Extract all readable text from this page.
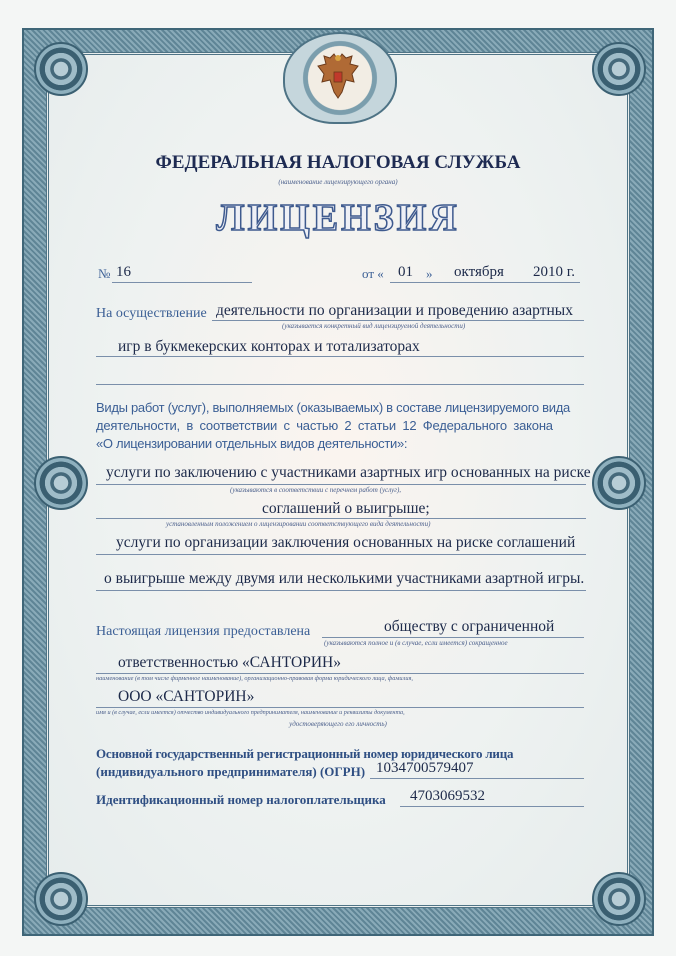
ФЕДЕРАЛЬНАЯ НАЛОГОВАЯ СЛУЖБА
(наименование лицензирующего органа)
ЛИЦЕНЗИЯ
№ 16	от « 01 » октября 2010 г.
На осуществление деятельности по организации и проведению азартных
(указывается конкретный вид лицензируемой деятельности)
игр в букмекерских конторах и тотализаторах
Виды работ (услуг), выполняемых (оказываемых) в составе лицензируемого вида
деятельности, в соответствии с частью 2 статьи 12 Федерального закона
«О лицензировании отдельных видов деятельности»:
услуги по заключению с участниками азартных игр основанных на риске
(указываются в соответствии с перечнем работ (услуг),
соглашений о выигрыше;
установленным положением о лицензировании соответствующего вида деятельности)
услуги по организации заключения основанных на риске соглашений
о выигрыше между двумя или несколькими участниками азартной игры.
Настоящая лицензия предоставлена	обществу с ограниченной
(указываются полное и (в случае, если имеется) сокращенное
ответственностью «САНТОРИН»
наименование (в том числе фирменное наименование), организационно-правовая форма юридического лица, фамилия,
ООО «САНТОРИН»
имя и (в случае, если имеется) отчество индивидуального предпринимателя, наименование и реквизиты документа,
удостоверяющего его личность)
Основной государственный регистрационный номер юридического лица
(индивидуального предпринимателя) (ОГРН) 1034700579407
Идентификационный номер налогоплательщика 4703069532
